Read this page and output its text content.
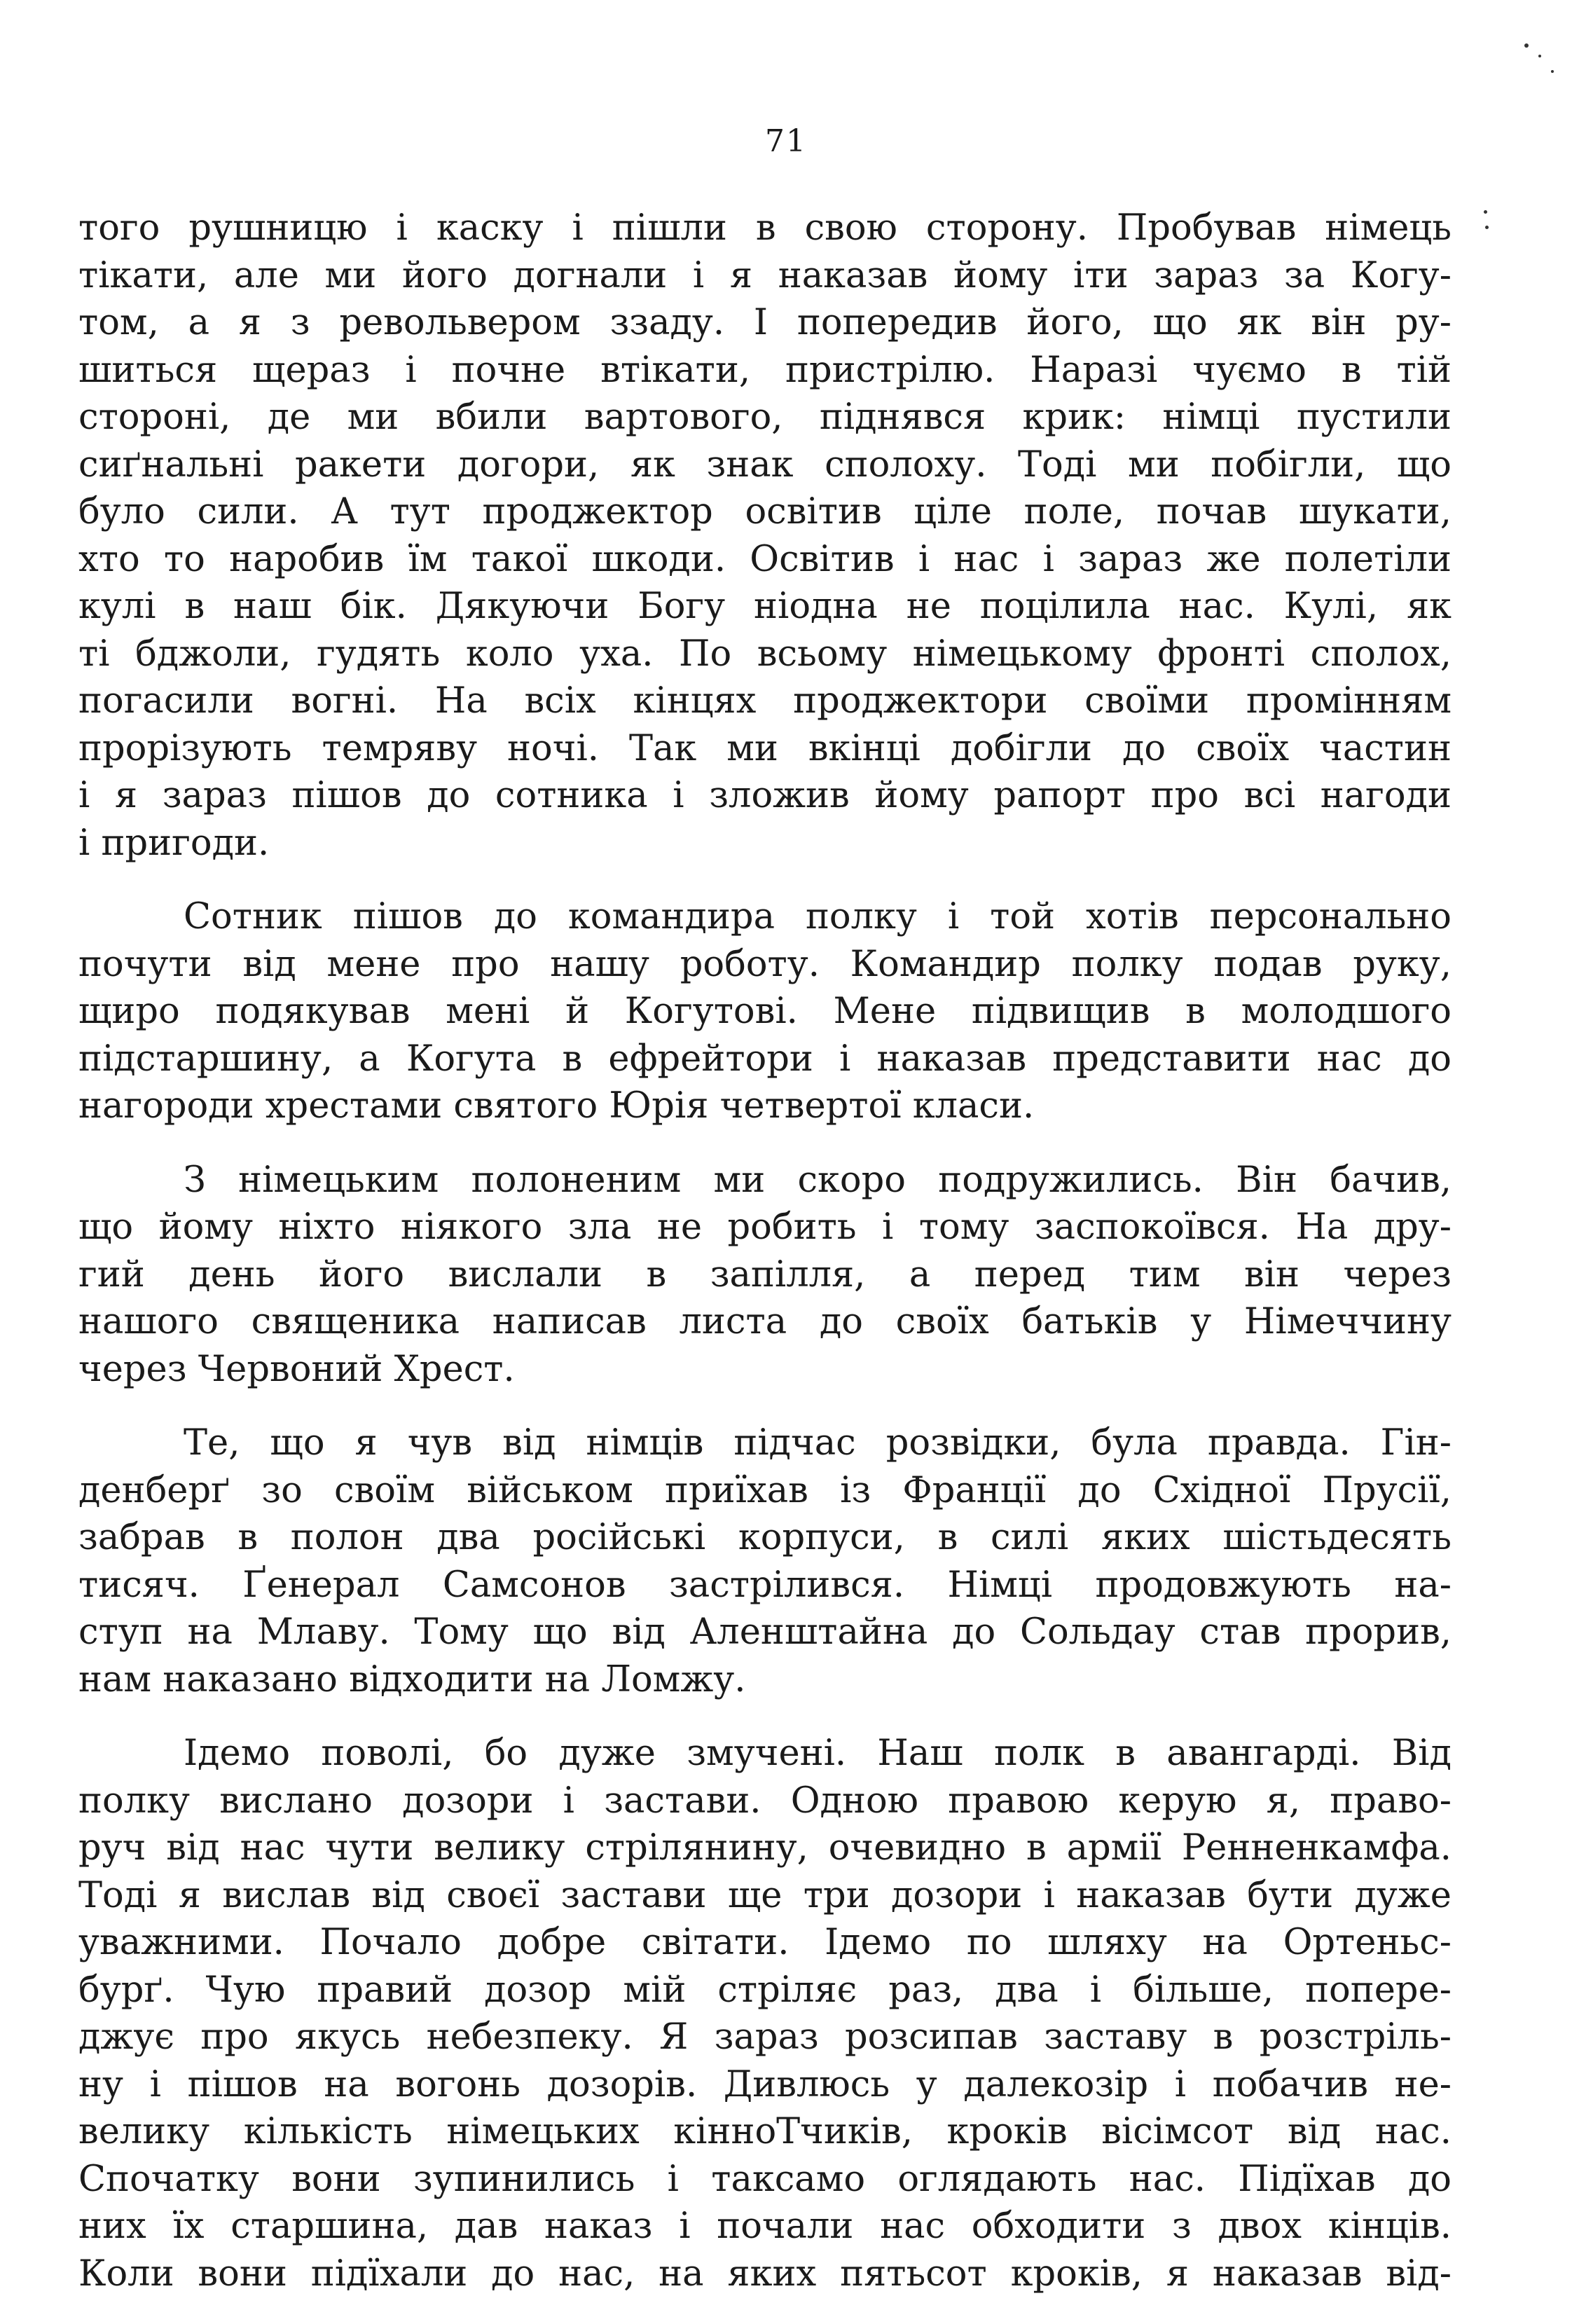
71
того рушницю і каску і пішли в свою сторону. Пробував німець
тікати, але ми його догнали і я наказав йому іти зараз за Когу-
том, а я з револьвером ззаду. І попередив його, що як він ру-
шиться щераз і почне втікати, пристрілю. Наразі чуємо в тій
стороні, де ми вбили вартового, піднявся крик: німці пустили
сиґнальні ракети догори, як знак сполоху. Тоді ми побігли, що
було сили. А тут проджектор освітив ціле поле, почав шукати,
хто то наробив їм такої шкоди. Освітив і нас і зараз же полетіли
кулі в наш бік. Дякуючи Богу ніодна не поцілила нас. Кулі, як
ті бджоли, гудять коло уха. По всьому німецькому фронті сполох,
погасили вогні. На всіх кінцях проджектори своїми промінням
прорізують темряву ночі. Так ми вкінці добігли до своїх частин
і я зараз пішов до сотника і зложив йому рапорт про всі нагоди
і пригоди.
Сотник пішов до командира полку і той хотів персонально
почути від мене про нашу роботу. Командир полку подав руку,
щиро подякував мені й Когутові. Мене підвищив в молодшого
підстаршину, а Когута в ефрейтори і наказав представити нас до
нагороди хрестами святого Юрія четвертої класи.
З німецьким полоненим ми скоро подружились. Він бачив,
що йому ніхто ніякого зла не робить і тому заспокоївся. На дру-
гий день його вислали в запілля, а перед тим він через
нашого священика написав листа до своїх батьків у Німеччину
через Червоний Хрест.
Те, що я чув від німців підчас розвідки, була правда. Гін-
денберґ зо своїм військом приїхав із Франції до Східної Прусії,
забрав в полон два російські корпуси, в силі яких шістьдесять
тисяч. Ґенерал Самсонов застрілився. Німці продовжують на-
ступ на Млаву. Тому що від Аленштайна до Сольдау став прорив,
нам наказано відходити на Ломжу.
Ідемо поволі, бо дуже змучені. Наш полк в авангарді. Від
полку вислано дозори і застави. Одною правою керую я, право-
руч від нас чути велику стрілянину, очевидно в армії Ренненкамфа.
Тоді я вислав від своєї застави ще три дозори і наказав бути дуже
уважними. Почало добре світати. Ідемо по шляху на Ортеньс-
бурґ. Чую правий дозор мій стріляє раз, два і більше, попере-
джує про якусь небезпеку. Я зараз розсипав заставу в розстріль-
ну і пішов на вогонь дозорів. Дивлюсь у далекозір і побачив не-
велику кількість німецьких кінноТчиків, кроків вісімсот від нас.
Спочатку вони зупинились і таксамо оглядають нас. Підїхав до
них їх старшина, дав наказ і почали нас обходити з двох кінців.
Коли вони підїхали до нас, на яких пятьсот кроків, я наказав від-
